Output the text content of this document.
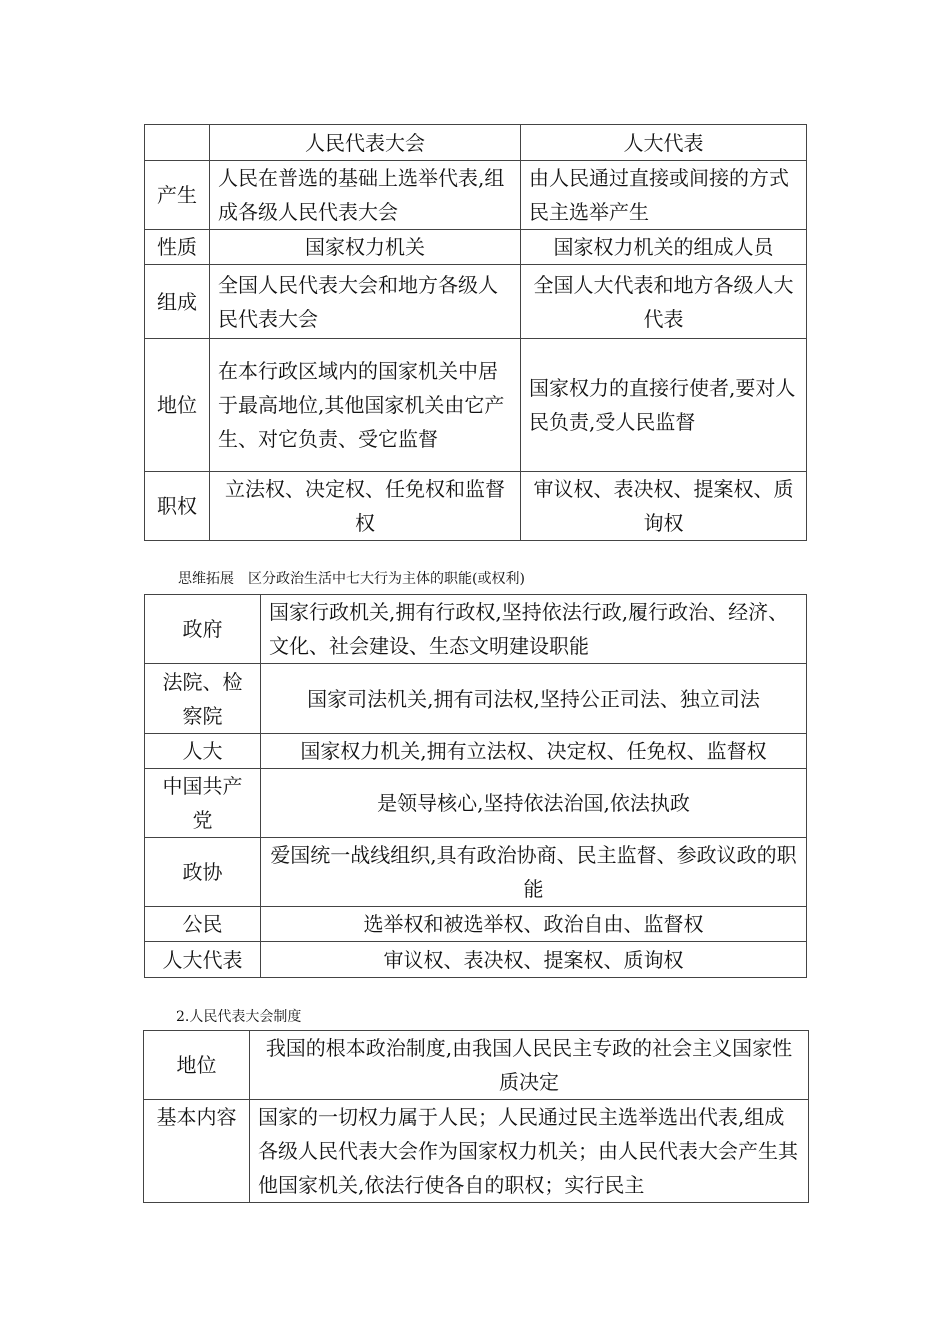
	人民代表大会	人大代表
产生	人民在普选的基础上选举代表,组成各级人民代表大会	由人民通过直接或间接的方式民主选举产生
性质	国家权力机关	国家权力机关的组成人员
组成	全国人民代表大会和地方各级人民代表大会	全国人大代表和地方各级人大代表
地位	在本行政区域内的国家机关中居于最高地位,其他国家机关由它产生、对它负责、受它监督	国家权力的直接行使者,要对人民负责,受人民监督
职权	立法权、决定权、任免权和监督权	审议权、表决权、提案权、质询权
思维拓展　区分政治生活中七大行为主体的职能(或权利)
政府	国家行政机关,拥有行政权,坚持依法行政,履行政治、经济、文化、社会建设、生态文明建设职能
法院、检察院	国家司法机关,拥有司法权,坚持公正司法、独立司法
人大	国家权力机关,拥有立法权、决定权、任免权、监督权
中国共产党	是领导核心,坚持依法治国,依法执政
政协	爱国统一战线组织,具有政治协商、民主监督、参政议政的职能
公民	选举权和被选举权、政治自由、监督权
人大代表	审议权、表决权、提案权、质询权
2.人民代表大会制度
地位	我国的根本政治制度,由我国人民民主专政的社会主义国家性质决定
基本内容	国家的一切权力属于人民；人民通过民主选举选出代表,组成各级人民代表大会作为国家权力机关；由人民代表大会产生其他国家机关,依法行使各自的职权；实行民主
